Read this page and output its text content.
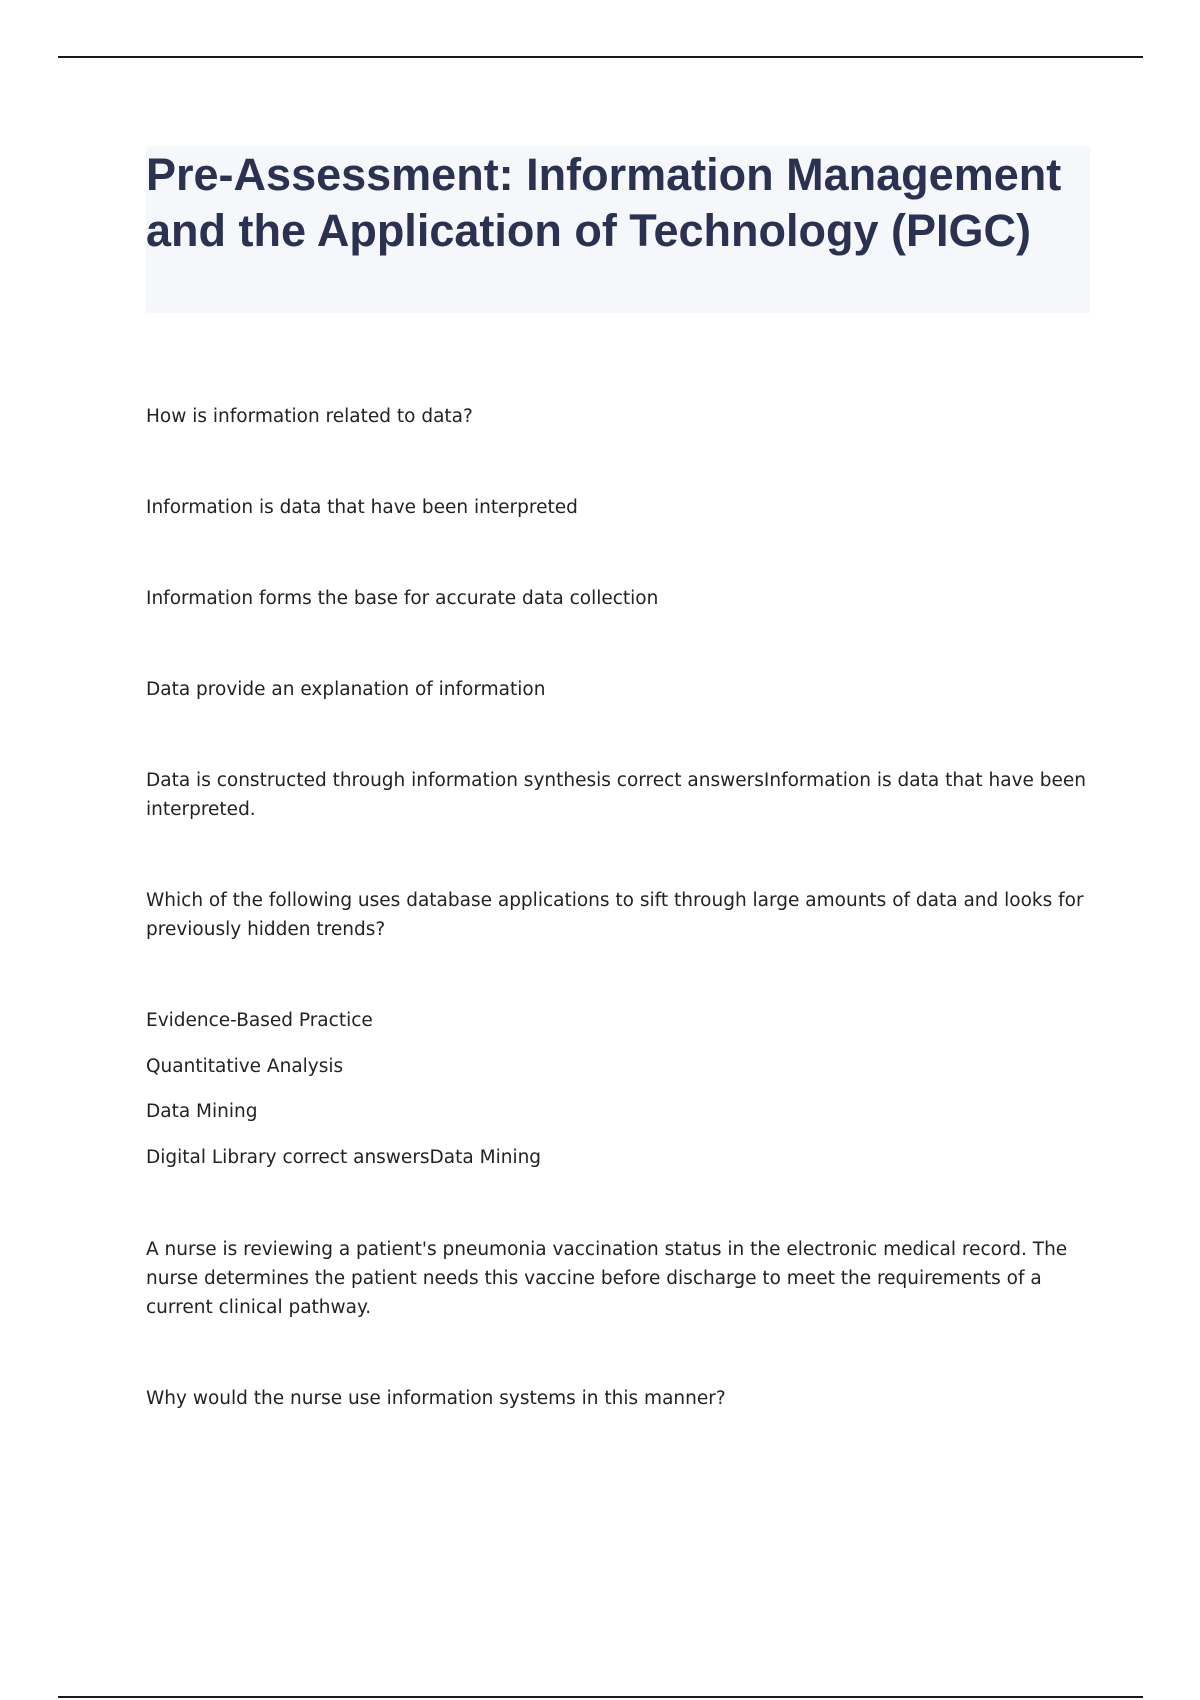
Pre-Assessment: Information Management and the Application of Technology (PIGC)

How is information related to data?

Information is data that have been interpreted

Information forms the base for accurate data collection

Data provide an explanation of information

Data is constructed through information synthesis correct answersInformation is data that have been interpreted.

Which of the following uses database applications to sift through large amounts of data and looks for previously hidden trends?

Evidence-Based Practice

Quantitative Analysis

Data Mining

Digital Library correct answersData Mining

A nurse is reviewing a patient's pneumonia vaccination status in the electronic medical record. The nurse determines the patient needs this vaccine before discharge to meet the requirements of a current clinical pathway.

Why would the nurse use information systems in this manner?
